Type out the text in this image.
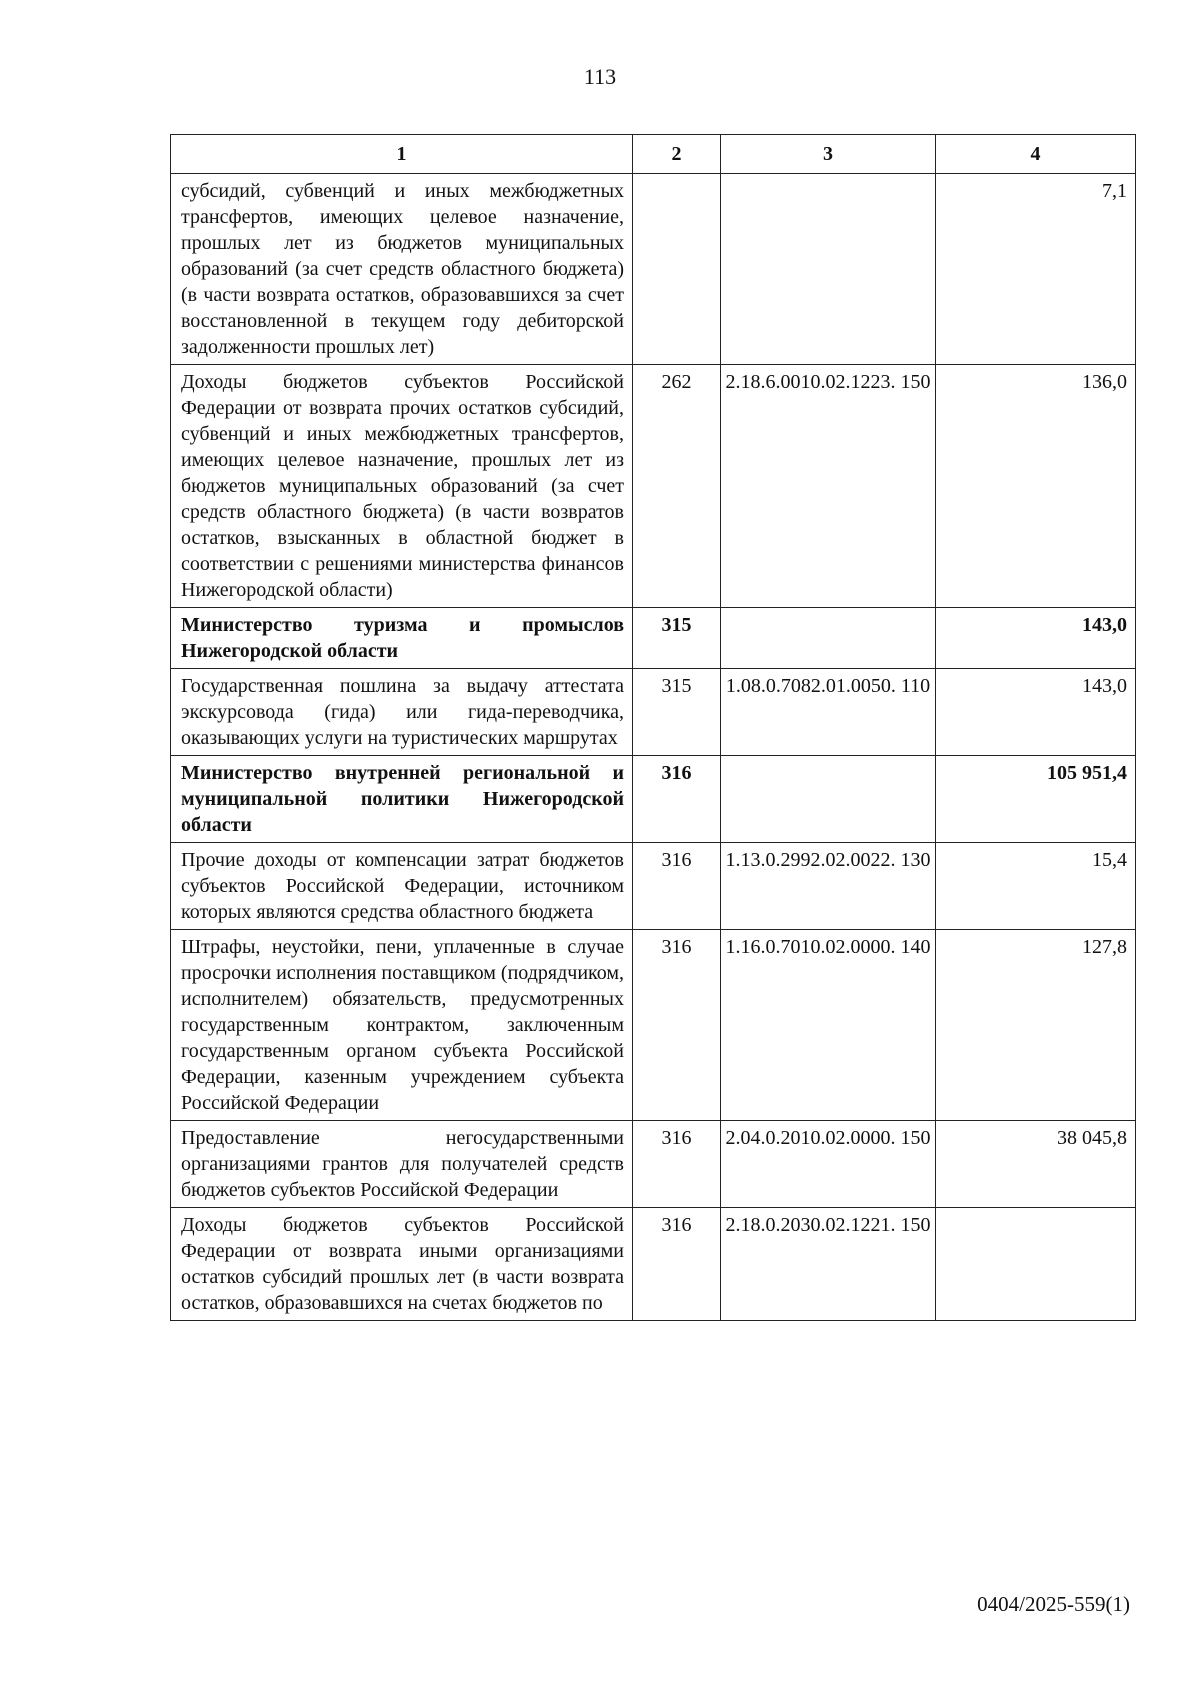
113
1	2	3	4
субсидий, субвенций и иных межбюджетных трансфертов, имеющих целевое назначение, прошлых лет из бюджетов муниципальных образований (за счет средств областного бюджета) (в части возврата остатков, образовавшихся за счет восстановленной в текущем году дебиторской задолженности прошлых лет)			7,1
Доходы бюджетов субъектов Российской Федерации от возврата прочих остатков субсидий, субвенций и иных межбюджетных трансфертов, имеющих целевое назначение, прошлых лет из бюджетов муниципальных образований (за счет средств областного бюджета) (в части возвратов остатков, взысканных в областной бюджет в соответствии с решениями министерства финансов Нижегородской области)	262	2.18.6.0010.02.1223. 150	136,0
Министерство туризма и промыслов Нижегородской области	315		143,0
Государственная пошлина за выдачу аттестата экскурсовода (гида) или гида-переводчика, оказывающих услуги на туристических маршрутах	315	1.08.0.7082.01.0050. 110	143,0
Министерство внутренней региональной и муниципальной политики Нижегородской области	316		105 951,4
Прочие доходы от компенсации затрат бюджетов субъектов Российской Федерации, источником которых являются средства областного бюджета	316	1.13.0.2992.02.0022. 130	15,4
Штрафы, неустойки, пени, уплаченные в случае просрочки исполнения поставщиком (подрядчиком, исполнителем) обязательств, предусмотренных государственным контрактом, заключенным государственным органом субъекта Российской Федерации, казенным учреждением субъекта Российской Федерации	316	1.16.0.7010.02.0000. 140	127,8
Предоставление негосударственными организациями грантов для получателей средств бюджетов субъектов Российской Федерации	316	2.04.0.2010.02.0000. 150	38 045,8
Доходы бюджетов субъектов Российской Федерации от возврата иными организациями остатков субсидий прошлых лет (в части возврата остатков, образовавшихся на счетах бюджетов по	316	2.18.0.2030.02.1221. 150	
0404/2025-559(1)
